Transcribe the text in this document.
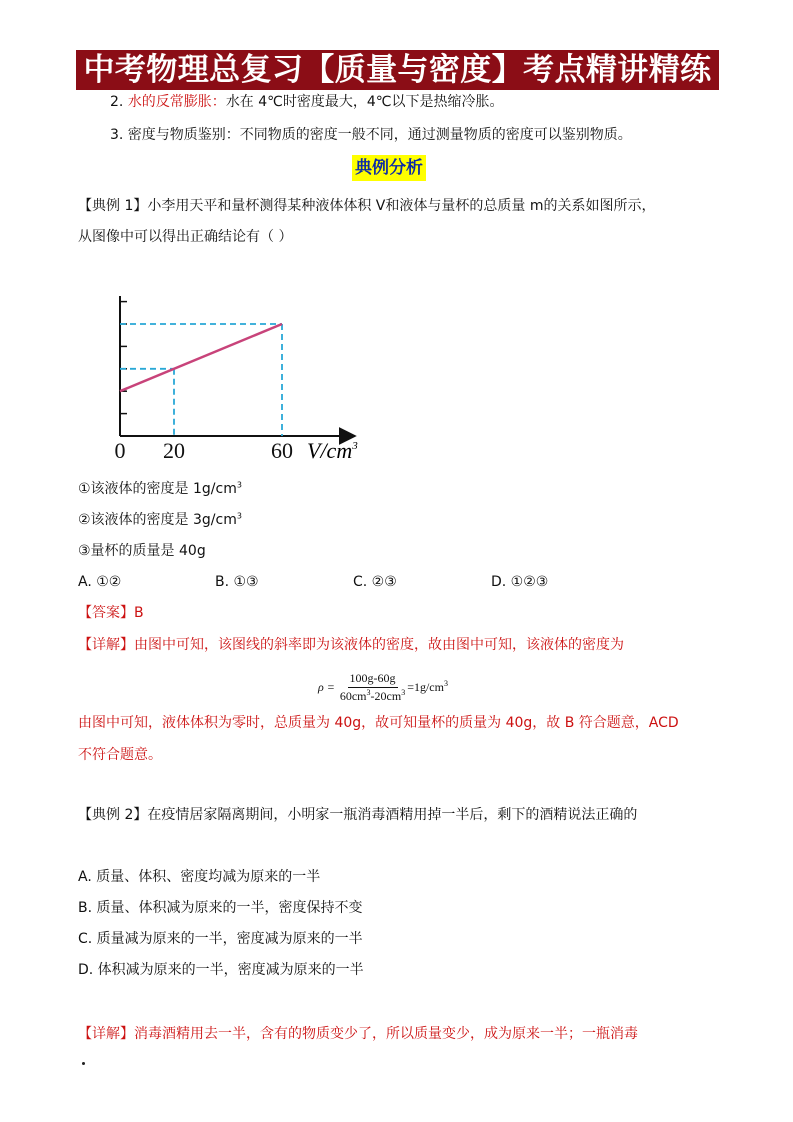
中考物理总复习【质量与密度】考点精讲精练
2. 水的反常膨胀：水在 4℃时密度最大，4℃以下是热缩冷胀。
3. 密度与物质鉴别：不同物质的密度一般不同，通过测量物质的密度可以鉴别物质。
典例分析
【典例 1】小李用天平和量杯测得某种液体体积 V和液体与量杯的总质量 m的关系如图所示，
从图像中可以得出正确结论有（ ）
0 20	60 $V/cm^3$
①该液体的密度是 $1g/cm^3$
②该液体的密度是 $3g/cm^3$
③量杯的质量是 40g
A. ①②	B. ①③	C. ②③	D. ①②③
【答案】B
【详解】由图中可知，该图线的斜率即为该液体的密度，故由图中可知，该液体的密度为
$\rho = \frac{100g-60g}{60cm^3-20cm^3} =1g/cm^3$
由图中可知，液体体积为零时，总质量为 40g，故可知量杯的质量为 40g，故 B 符合题意，ACD
不符合题意。
【典例 2】在疫情居家隔离期间，小明家一瓶消毒酒精用掉一半后，剩下的酒精说法正确的
A. 质量、体积、密度均减为原来的一半
B. 质量、体积减为原来的一半，密度保持不变
C. 质量减为原来的一半，密度减为原来的一半
D. 体积减为原来的一半，密度减为原来的一半
【详解】消毒酒精用去一半，含有的物质变少了，所以质量变少，成为原来一半；一瓶消毒
